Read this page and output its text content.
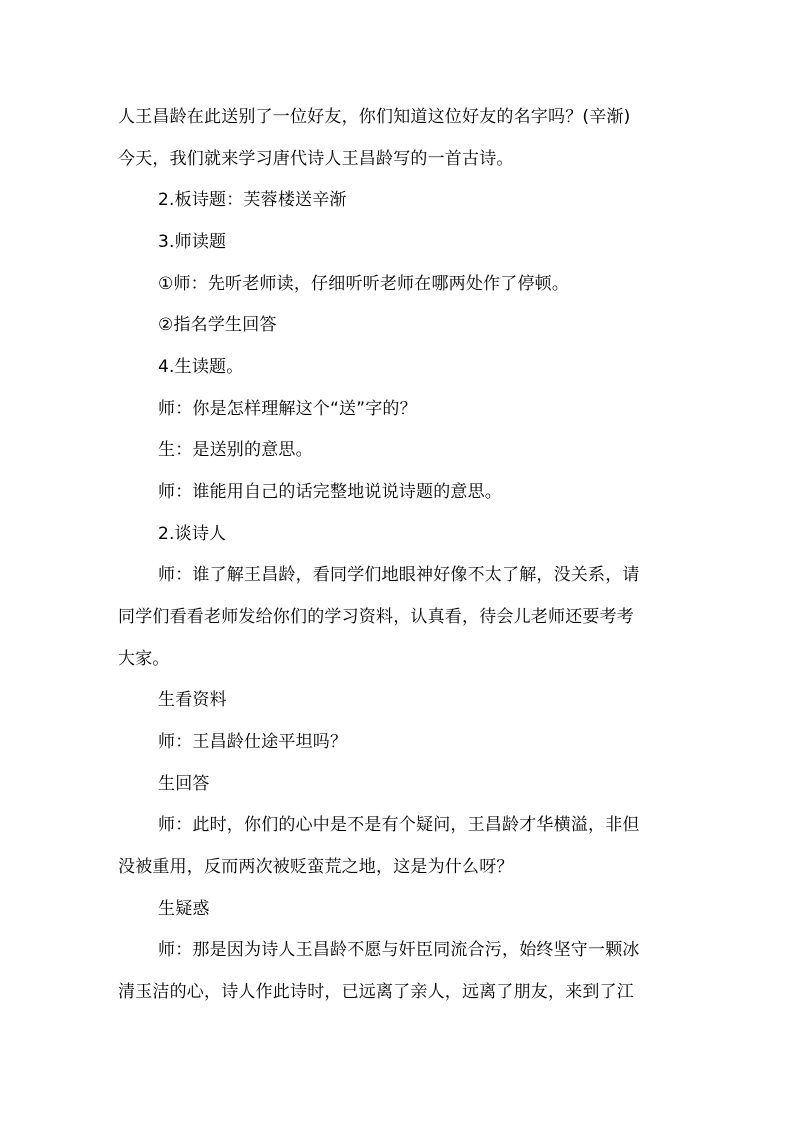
人王昌龄在此送别了一位好友，你们知道这位好友的名字吗？(辛渐)
今天，我们就来学习唐代诗人王昌龄写的一首古诗。
2.板诗题：芙蓉楼送辛渐
3.师读题
①师：先听老师读，仔细听听老师在哪两处作了停顿。
②指名学生回答
4.生读题。
师：你是怎样理解这个“送”字的？
生：是送别的意思。
师：谁能用自己的话完整地说说诗题的意思。
2.谈诗人
师：谁了解王昌龄，看同学们地眼神好像不太了解，没关系，请
同学们看看老师发给你们的学习资料，认真看，待会儿老师还要考考
大家。
生看资料
师：王昌龄仕途平坦吗？
生回答
师：此时，你们的心中是不是有个疑问，王昌龄才华横溢，非但
没被重用，反而两次被贬蛮荒之地，这是为什么呀？
生疑惑
师：那是因为诗人王昌龄不愿与奸臣同流合污，始终坚守一颗冰
清玉洁的心，诗人作此诗时，已远离了亲人，远离了朋友，来到了江
